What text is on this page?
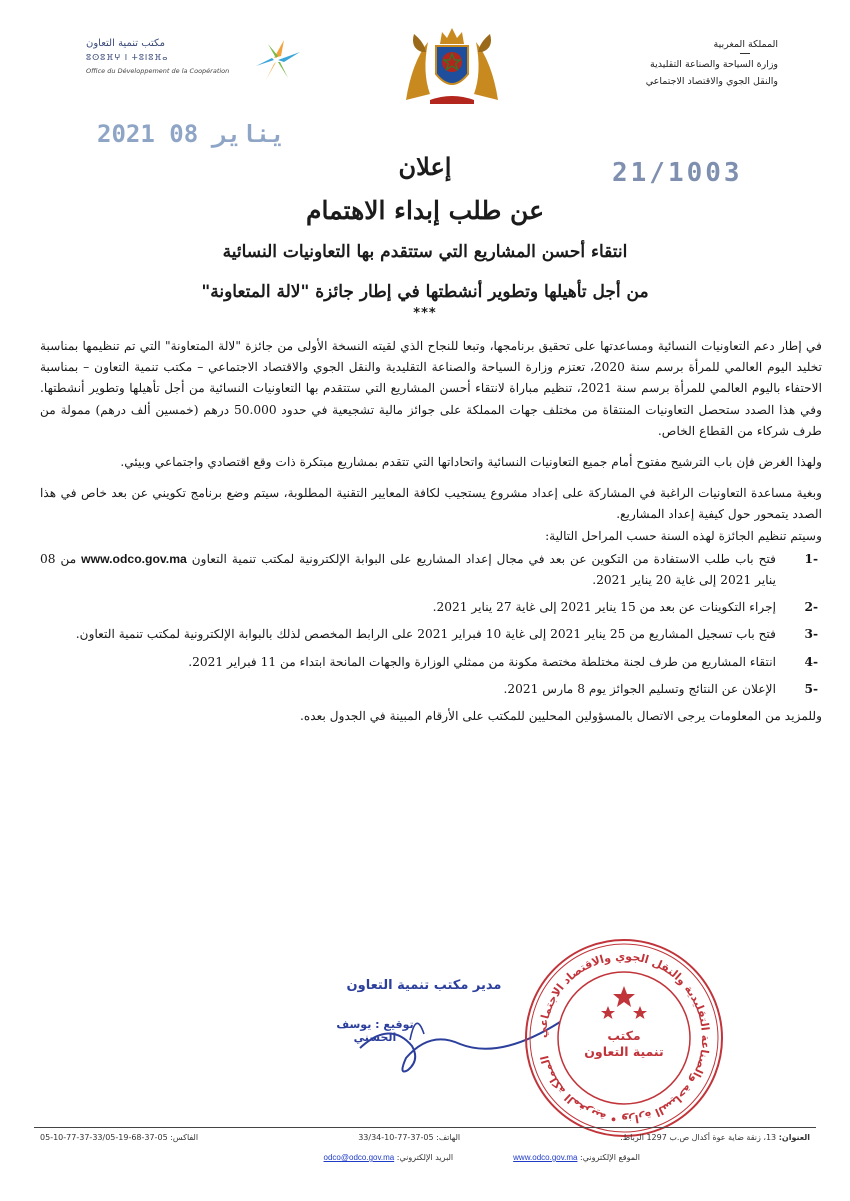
المملكة المغربية
وزارة السياحة والصناعة التقليدية
والنقل الجوي والاقتصاد الاجتماعي
مكتب تنمية التعاون
ⵓⵙⵓⴼⵖ ⵏ ⵜⵓⵏⵓⴼⴰ
Office du Développement de la Coopération
2021 يناير 08
21/1003
إعلان
عن طلب إبداء الاهتمام
انتقاء أحسن المشاريع التي ستتقدم بها التعاونيات النسائية
من أجل تأهيلها وتطوير أنشطتها في إطار جائزة "لالة المتعاونة"
***

في إطار دعم التعاونيات النسائية ومساعدتها على تحقيق برنامجها، وتبعا للنجاح الذي لقيته النسخة الأولى من جائزة "لالة المتعاونة" التي تم تنظيمها بمناسبة تخليد اليوم العالمي للمرأة برسم سنة 2020، تعتزم وزارة السياحة والصناعة التقليدية والنقل الجوي والاقتصاد الاجتماعي – مكتب تنمية التعاون – بمناسبة الاحتفاء باليوم العالمي للمرأة برسم سنة 2021، تنظيم مباراة لانتقاء أحسن المشاريع التي ستتقدم بها التعاونيات النسائية من أجل تأهيلها وتطوير أنشطتها. وفي هذا الصدد ستحصل التعاونيات المنتقاة من مختلف جهات المملكة على جوائز مالية تشجيعية في حدود 50.000 درهم (خمسين ألف درهم) ممولة من طرف شركاء من القطاع الخاص.

ولهذا الغرض فإن باب الترشيح مفتوح أمام جميع التعاونيات النسائية واتحاداتها التي تتقدم بمشاريع مبتكرة ذات وقع اقتصادي واجتماعي وبيئي.

وبغية مساعدة التعاونيات الراغبة في المشاركة على إعداد مشروع يستجيب لكافة المعايير التقنية المطلوبة، سيتم وضع برنامج تكويني عن بعد خاص في هذا الصدد يتمحور حول كيفية إعداد المشاريع.

وسيتم تنظيم الجائزة لهذه السنة حسب المراحل التالية:

-1
فتح باب طلب الاستفادة من التكوين عن بعد في مجال إعداد المشاريع على البوابة الإلكترونية لمكتب تنمية التعاون www.odco.gov.ma من 08 يناير 2021 إلى غاية 20 يناير 2021.
-2
إجراء التكوينات عن بعد من 15 يناير 2021 إلى غاية 27 يناير 2021.
-3
فتح باب تسجيل المشاريع من 25 يناير 2021 إلى غاية 10 فبراير 2021 على الرابط المخصص لذلك بالبوابة الإلكترونية لمكتب تنمية التعاون.
-4
انتقاء المشاريع من طرف لجنة مختلطة مختصة مكونة من ممثلي الوزارة والجهات المانحة ابتداء من 11 فبراير 2021.
-5
الإعلان عن النتائج وتسليم الجوائز يوم 8 مارس 2021.

وللمزيد من المعلومات يرجى الاتصال بالمسؤولين المحليين للمكتب على الأرقام المبينة في الجدول بعده.

مدير مكتب تنمية التعاون
توقيع : يوسف الحسني	المملكة المغربية • وزارة السياحة والصناعة التقليدية والنقل الجوي والاقتصاد الاجتماعي
مكتب
تنمية التعاون
العنوان: 13، زنقة ضاية عوة أكدال ص.ب 1297 الرباط.
الهاتف: 05-37-77-10-33/34
الفاكس: 05-37-68-19-33/05-37-77-10-05
الموقع الإلكتروني: www.odco.gov.ma
البريد الإلكتروني: odco@odco.gov.ma
